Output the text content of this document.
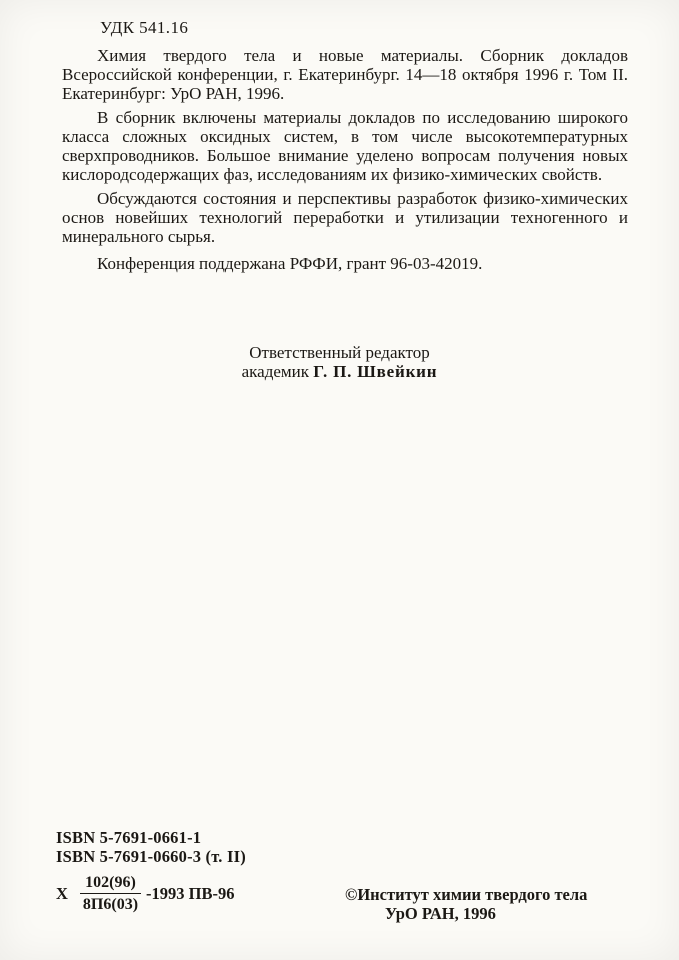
УДК 541.16

Химия твердого тела и новые материалы. Сборник докладов Всероссийской конференции, г. Екатеринбург. 14—18 октября 1996 г. Том II. Екатеринбург: УрО РАН, 1996.

В сборник включены материалы докладов по исследованию широкого класса сложных оксидных систем, в том числе высокотемпературных сверхпроводников. Большое внимание уделено вопросам получения новых кислородсодержащих фаз, исследованиям их физико-химических свойств.

Обсуждаются состояния и перспективы разработок физико-химических основ новейших технологий переработки и утилизации техногенного и минерального сырья.

Конференция поддержана РФФИ, грант 96-03-42019.

Ответственный редактор
академик Г. П. Швейкин
ISBN 5-7691-0661-1
ISBN 5-7691-0660-3 (т. II)
Х $\frac{102(96)}{8П6(03)} -1993$ ПВ-96	©Институт химии твердого тела
УрО РАН, 1996
